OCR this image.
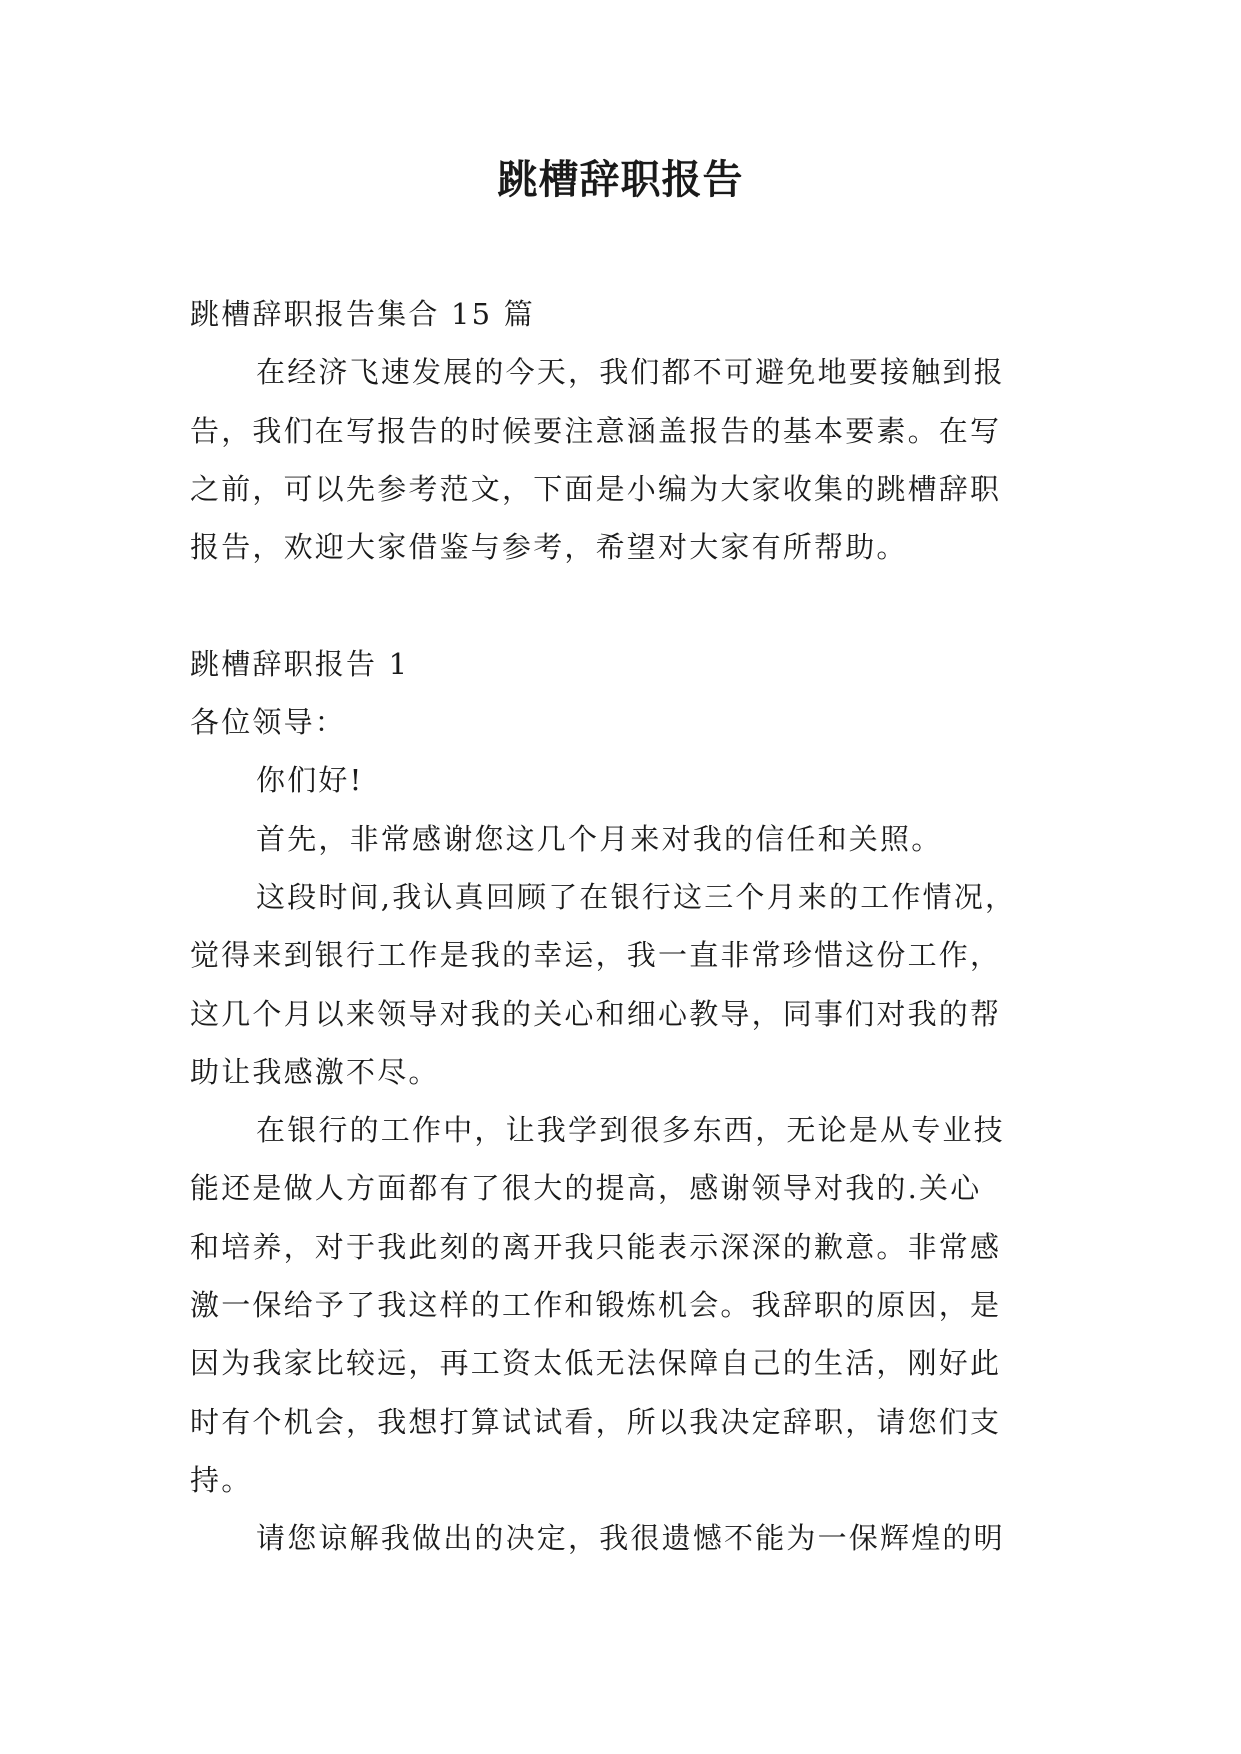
跳槽辞职报告
跳槽辞职报告集合 15 篇
在经济飞速发展的今天，我们都不可避免地要接触到报
告，我们在写报告的时候要注意涵盖报告的基本要素。在写
之前，可以先参考范文，下面是小编为大家收集的跳槽辞职
报告，欢迎大家借鉴与参考，希望对大家有所帮助。
跳槽辞职报告 1
各位领导：
你们好!
首先，非常感谢您这几个月来对我的信任和关照。
这段时间,我认真回顾了在银行这三个月来的工作情况，
觉得来到银行工作是我的幸运，我一直非常珍惜这份工作，
这几个月以来领导对我的关心和细心教导，同事们对我的帮
助让我感激不尽。
在银行的工作中，让我学到很多东西，无论是从专业技
能还是做人方面都有了很大的提高，感谢领导对我的.关心
和培养，对于我此刻的离开我只能表示深深的歉意。非常感
激一保给予了我这样的工作和锻炼机会。我辞职的原因，是
因为我家比较远，再工资太低无法保障自己的生活，刚好此
时有个机会，我想打算试试看，所以我决定辞职，请您们支
持。
请您谅解我做出的决定，我很遗憾不能为一保辉煌的明
